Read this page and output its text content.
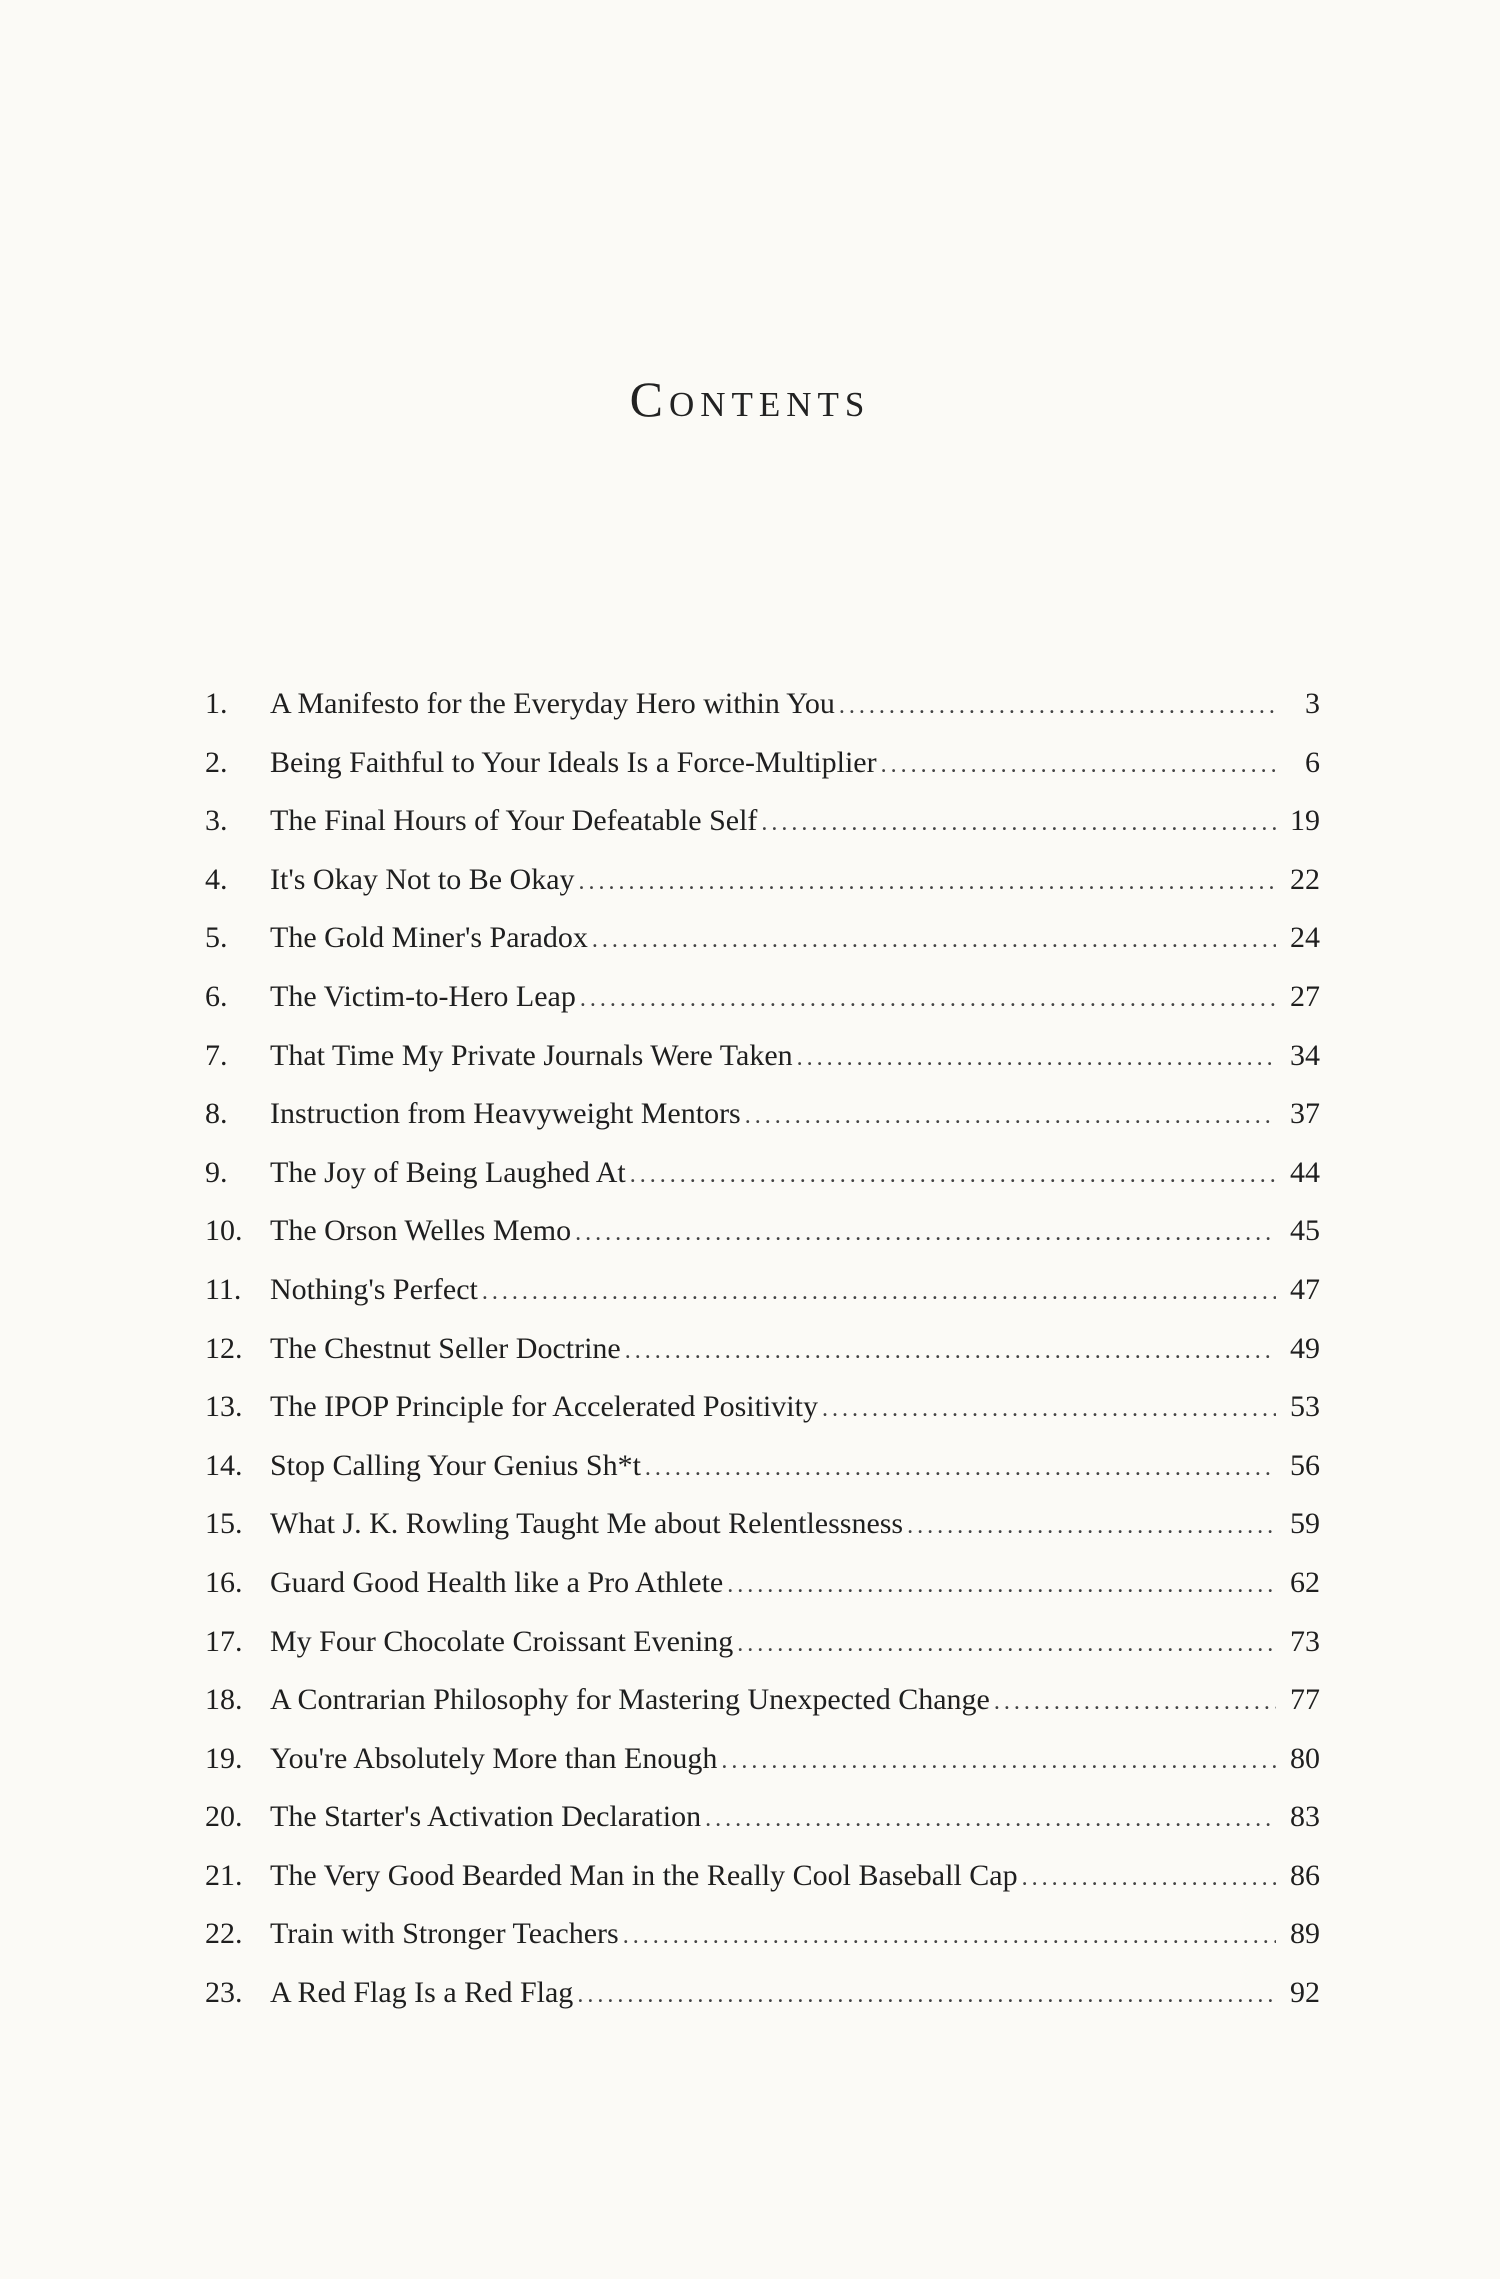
Contents
1.	A Manifesto for the Everyday Hero within You . . .	3
2.	Being Faithful to Your Ideals Is a Force-Multiplier . . .	6
3.	The Final Hours of Your Defeatable Self . . .	19
4.	It's Okay Not to Be Okay . . .	22
5.	The Gold Miner's Paradox . . .	24
6.	The Victim-to-Hero Leap . . .	27
7.	That Time My Private Journals Were Taken . . .	34
8.	Instruction from Heavyweight Mentors . . .	37
9.	The Joy of Being Laughed At . . .	44
10. The Orson Welles Memo . . .	45
11. Nothing's Perfect . . .	47
12. The Chestnut Seller Doctrine . . .	49
13. The IPOP Principle for Accelerated Positivity . . .	53
14. Stop Calling Your Genius Sh*t . . .	56
15. What J. K. Rowling Taught Me about Relentlessness . . .	59
16. Guard Good Health like a Pro Athlete . . .	62
17. My Four Chocolate Croissant Evening . . .	73
18. A Contrarian Philosophy for Mastering Unexpected Change . . .	77
19. You're Absolutely More than Enough . . .	80
20. The Starter's Activation Declaration . . .	83
21. The Very Good Bearded Man in the Really Cool Baseball Cap . . .	86
22. Train with Stronger Teachers . . .	89
23. A Red Flag Is a Red Flag . . .	92
